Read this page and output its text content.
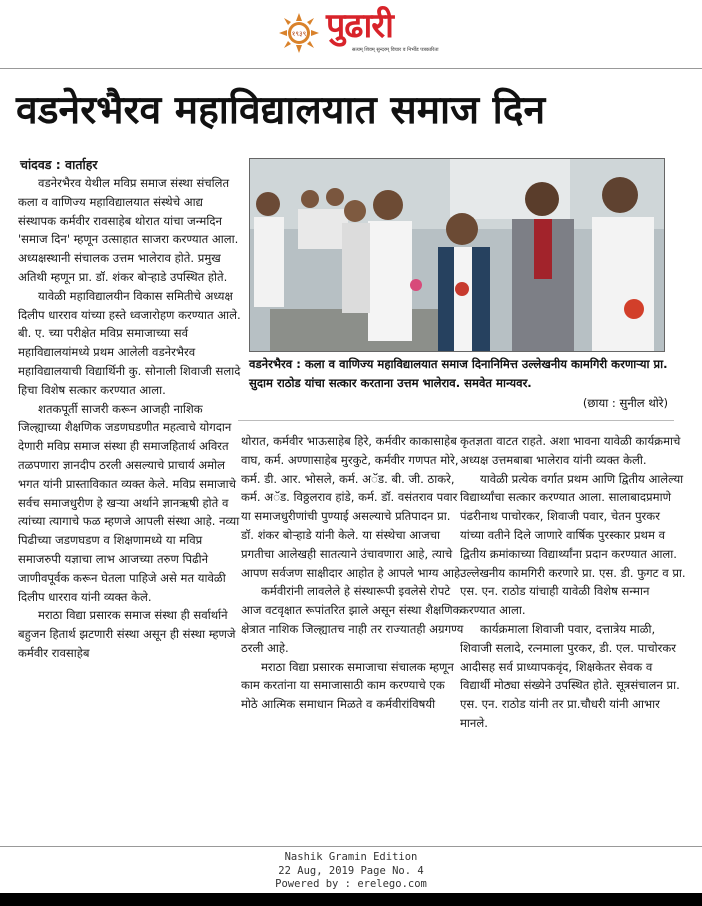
१९३९ पुढारी
सत्यम् शिवम् सुन्दरम् विचार व निर्भीड पत्रकारिता
वडनेरभैरव महाविद्यालयात समाज दिन
चांदवड : वार्ताहर

वडनेरभैरव येथील मविप्र समाज संस्था संचलित कला व वाणिज्य महाविद्यालयात संस्थेचे आद्य संस्थापक कर्मवीर रावसाहेब थोरात यांचा जन्मदिन 'समाज दिन' म्हणून उत्साहात साजरा करण्यात आला. अध्यक्षस्थानी संचालक उत्तम भालेराव होते. प्रमुख अतिथी म्हणून प्रा. डॉ. शंकर बोऱ्हाडे उपस्थित होते.

यावेळी महाविद्यालयीन विकास समितीचे अध्यक्ष दिलीप धारराव यांच्या हस्ते ध्वजारोहण करण्यात आले. बी. ए. च्या परीक्षेत मविप्र समाजाच्या सर्व महाविद्यालयांमध्ये प्रथम आलेली वडनेरभैरव महाविद्यालयाची विद्यार्थिनी कु. सोनाली शिवाजी सलादे हिचा विशेष सत्कार करण्यात आला.

शतकपूर्ती साजरी करून आजही नाशिक जिल्ह्याच्या शैक्षणिक जडणघडणीत महत्वाचे योगदान देणारी मविप्र समाज संस्था ही समाजहितार्थ अविरत तळपणारा ज्ञानदीप ठरली असल्याचे प्राचार्य अमोल भगत यांनी प्रास्ताविकात व्यक्त केले. मविप्र समाजाचे सर्वच समाजधुरीण हे खऱ्या अर्थाने ज्ञानऋषी होते व त्यांच्या त्यागाचे फळ म्हणजे आपली संस्था आहे. नव्या पिढीच्या जडणघडण व शिक्षणामध्ये या मविप्र समाजरुपी यज्ञाचा लाभ आजच्या तरुण पिढीने जाणीवपूर्वक करून घेतला पाहिजे असे मत यावेळी दिलीप धारराव यांनी व्यक्त केले.

मराठा विद्या प्रसारक समाज संस्था ही सर्वार्थाने बहुजन हितार्थ झटणारी संस्था असून ही संस्था म्हणजे कर्मवीर रावसाहेब

वडनेरभैरव : कला व वाणिज्य महाविद्यालयात समाज दिनानिमित्त उल्लेखनीय कामगिरी करणाऱ्या प्रा. सुदाम राठोड यांचा सत्कार करताना उत्तम भालेराव. समवेत मान्यवर.
(छाया : सुनील थोरे)

थोरात, कर्मवीर भाऊसाहेब हिरे, कर्मवीर काकासाहेब वाघ, कर्म. अण्णासाहेब मुरकुटे, कर्मवीर गणपत मोरे, कर्म. डी. आर. भोसले, कर्म. अॅड. बी. जी. ठाकरे, कर्म. अॅड. विठ्ठलराव हांडे, कर्म. डॉ. वसंतराव पवार या समाजधुरीणांची पुण्याई असल्याचे प्रतिपादन प्रा. डॉ. शंकर बोऱ्हाडे यांनी केले. या संस्थेचा आजचा प्रगतीचा आलेखही सातत्याने उंचावणारा आहे, त्याचे आपण सर्वजण साक्षीदार आहोत हे आपले भाग्य आहे.

कर्मवीरांनी लावलेले हे संस्थारूपी इवलेसे रोपटे आज वटवृक्षात रूपांतरित झाले असून संस्था शैक्षणिक क्षेत्रात नाशिक जिल्ह्यातच नाही तर राज्यातही अग्रगण्य ठरली आहे.

मराठा विद्या प्रसारक समाजाचा संचालक म्हणून काम करतांना या समाजासाठी काम करण्याचे एक मोठे आत्मिक समाधान मिळते व कर्मवीरांविषयी

कृतज्ञता वाटत राहते. अशा भावना यावेळी कार्यक्रमाचे अध्यक्ष उत्तमबाबा भालेराव यांनी व्यक्त केली.

यावेळी प्रत्येक वर्गात प्रथम आणि द्वितीय आलेल्या विद्यार्थ्यांचा सत्कार करण्यात आला. सालाबादप्रमाणे पंढरीनाथ पाचोरकर, शिवाजी पवार, चेतन पुरकर यांच्या वतीने दिले जाणारे वार्षिक पुरस्कार प्रथम व द्वितीय क्रमांकाच्या विद्यार्थ्यांना प्रदान करण्यात आला. उल्लेखनीय कामगिरी करणारे प्रा. एस. डी. फुगट व प्रा. एस. एन. राठोड यांचाही यावेळी विशेष सन्मान करण्यात आला.

कार्यक्रमाला शिवाजी पवार, दत्तात्रेय माळी, शिवाजी सलादे, रत्नमाला पुरकर, डी. एल. पाचोरकर आदीसह सर्व प्राध्यापकवृंद, शिक्षकेतर सेवक व विद्यार्थी मोठ्या संख्येने उपस्थित होते. सूत्रसंचालन प्रा. एस. एन. राठोड यांनी तर प्रा.चौधरी यांनी आभार मानले.

Nashik Gramin Edition
22 Aug, 2019 Page No. 4
Powered by : erelego.com
